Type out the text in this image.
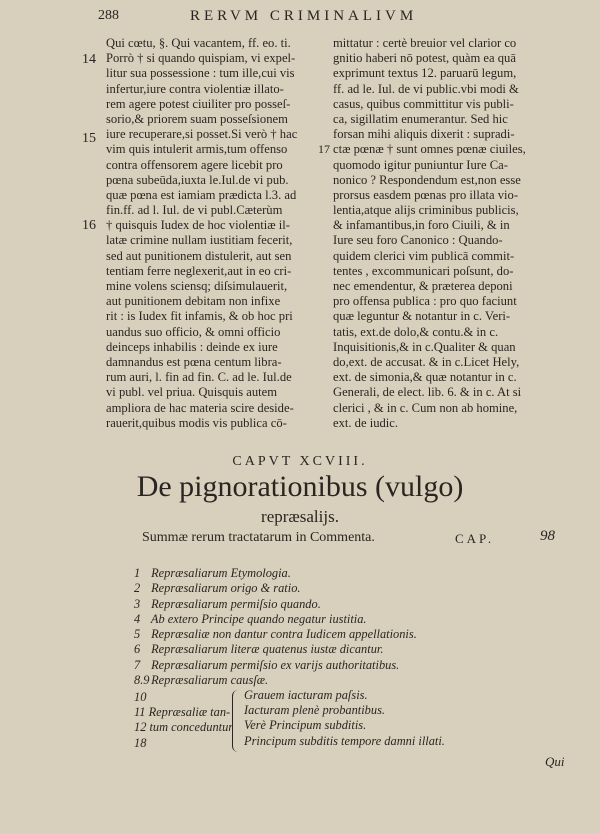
288	RERVM CRIMINALIVM
14
15
16
17
Qui cœtu, §. Qui vacantem, ff. eo. ti.
Porrò † si quando quispiam, vi expel-
litur sua possessione : tum ille,cui vis
infertur,iure contra violentiæ illato-
rem agere potest ciuiliter pro posseſ-
sorio,& priorem suam posseſsionem
iure recuperare,si posset.Si verò † hac
vim quis intulerit armis,tum offenso
contra offensorem agere licebit pro
pœna subeūda,iuxta le.Iul.de vi pub.
quæ pœna est iamiam prædicta l.3. ad
fin.ff. ad l. Iul. de vi publ.Cæterùm
† quisquis Iudex de hoc violentiæ il-
latæ crimine nullam iustitiam fecerit,
sed aut punitionem distulerit, aut sen
tentiam ferre neglexerit,aut in eo cri-
mine volens sciensq; diſsimulauerit,
aut punitionem debitam non infixe
rit : is Iudex fit infamis, & ob hoc pri
uandus suo officio, & omni officio
deinceps inhabilis : deinde ex iure
damnandus est pœna centum libra-
rum auri, l. fin ad fin. C. ad le. Iul.de
vi publ. vel priua. Quisquis autem
ampliora de hac materia scire deside-
rauerit,quibus modis vis publica cō-
mittatur : certè breuior vel clarior co
gnitio haberi nō potest, quàm ea quā
exprimunt textus 12. paruarū legum,
ff. ad le. Iul. de vi public.vbi modi &
casus, quibus committitur vis publi-
ca, sigillatim enumerantur. Sed hic
forsan mihi aliquis dixerit : supradi-
ctæ pœnæ † sunt omnes pœnæ ciuiles,
quomodo igitur puniuntur Iure Ca-
nonico ? Respondendum est,non esse
prorsus easdem pœnas pro illata vio-
lentia,atque alijs criminibus publicis,
& infamantibus,in foro Ciuili, & in
Iure seu foro Canonico : Quando-
quidem clerici vim publicā commit-
tentes , excommunicari poſsunt, do-
nec emendentur, & præterea deponi
pro offensa publica : pro quo faciunt
quæ leguntur & notantur in c. Veri-
tatis, ext.de dolo,& contu.& in c.
Inquisitionis,& in c.Qualiter & quan
do,ext. de accusat. & in c.Licet Hely,
ext. de simonia,& quæ notantur in c.
Generali, de elect. lib. 6. & in c. At si
clerici , & in c. Cum non ab homine,
ext. de iudic.
CAPVT XCVIII.
De pignorationibus (vulgo)
repræsalijs.
Summæ rerum tractatarum in Commenta.	CAP.	98
1 Repræsaliarum Etymologia.
2 Repræsaliarum origo & ratio.
3 Repræsaliarum permiſsio quando.
4 Ab extero Principe quando negatur iustitia.
5 Repræsaliæ non dantur contra Iudicem appellationis.
6 Repræsaliarum literæ quatenus iustæ dicantur.
7 Repræsaliarum permiſsio ex varijs authoritatibus.
8.9 Repræsaliarum causſæ.
10
11 Repræsaliæ tan-
12 tum conceduntur
18
Grauem iacturam paſsis.
Iacturam plenè probantibus.
Verè Principum subditis.
Principum subditis tempore damni illati.
Qui
